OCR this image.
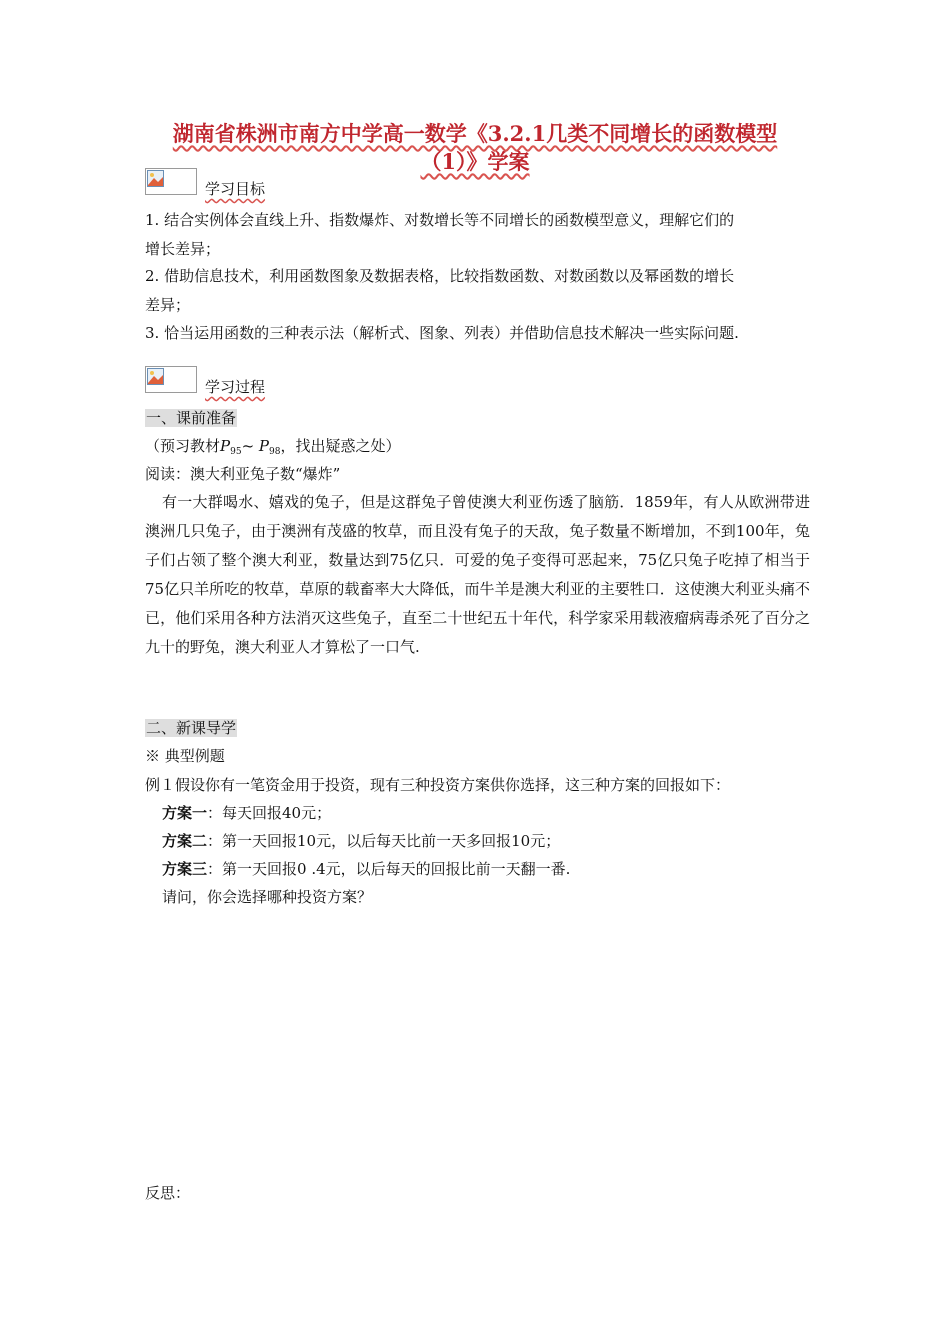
湖南省株洲市南方中学高一数学《3.2.1几类不同增长的函数模型
（1）》学案
学习目标
1. 结合实例体会直线上升、指数爆炸、对数增长等不同增长的函数模型意义，理解它们的
增长差异；
2. 借助信息技术，利用函数图象及数据表格，比较指数函数、对数函数以及幂函数的增长
差异；
3. 恰当运用函数的三种表示法（解析式、图象、列表）并借助信息技术解决一些实际问题.
学习过程
一、课前准备
（预习教材$P_{95}\sim$ $P_{98}$，找出疑惑之处）
阅读：澳大利亚兔子数“爆炸”
有一大群喝水、嬉戏的兔子，但是这群兔子曾使澳大利亚伤透了脑筋．1859年，有人从欧洲带进澳洲几只兔子，由于澳洲有茂盛的牧草，而且没有兔子的天敌，兔子数量不断增加，不到100年，兔子们占领了整个澳大利亚，数量达到75亿只．可爱的兔子变得可恶起来，75亿只兔子吃掉了相当于75亿只羊所吃的牧草，草原的载畜率大大降低，而牛羊是澳大利亚的主要牲口．这使澳大利亚头痛不已，他们采用各种方法消灭这些兔子，直至二十世纪五十年代，科学家采用载液瘤病毒杀死了百分之九十的野兔，澳大利亚人才算松了一口气.
二、新课导学
※ 典型例题
例１假设你有一笔资金用于投资，现有三种投资方案供你选择，这三种方案的回报如下：
方案一：每天回报40元；
方案二：第一天回报10元，以后每天比前一天多回报10元；
方案三：第一天回报0 .4元，以后每天的回报比前一天翻一番.
请问，你会选择哪种投资方案？
反思：
